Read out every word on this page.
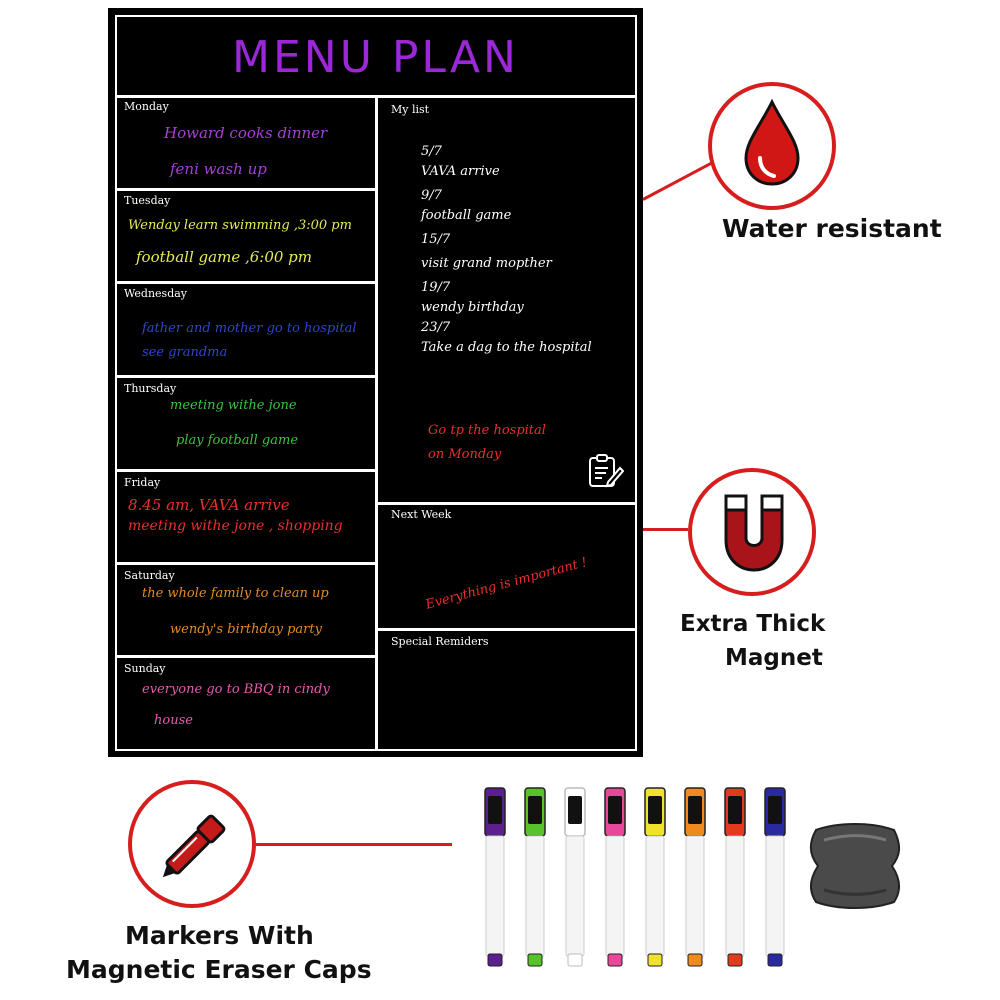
MENU PLAN
Monday
Howard cooks dinner
feni wash up
Tuesday
Wenday learn swimming ,3:00 pm
football game ,6:00 pm
Wednesday
father and mother go to hospital
see grandma
Thursday
meeting withe jone
play football game
Friday
8.45 am, VAVA arrive
meeting withe jone , shopping
Saturday
the whole family to clean up
wendy's birthday party
Sunday
everyone go to BBQ in cindy
house
My list
5/7
VAVA arrive
9/7
football game
15/7
visit grand mopther
19/7
wendy birthday
23/7
Take a dag to the hospital
Go tp the hospital
on Monday
Next Week
Everything is important !
Special Remiders
Water resistant
Extra Thick
Magnet
Markers With
Magnetic Eraser Caps
